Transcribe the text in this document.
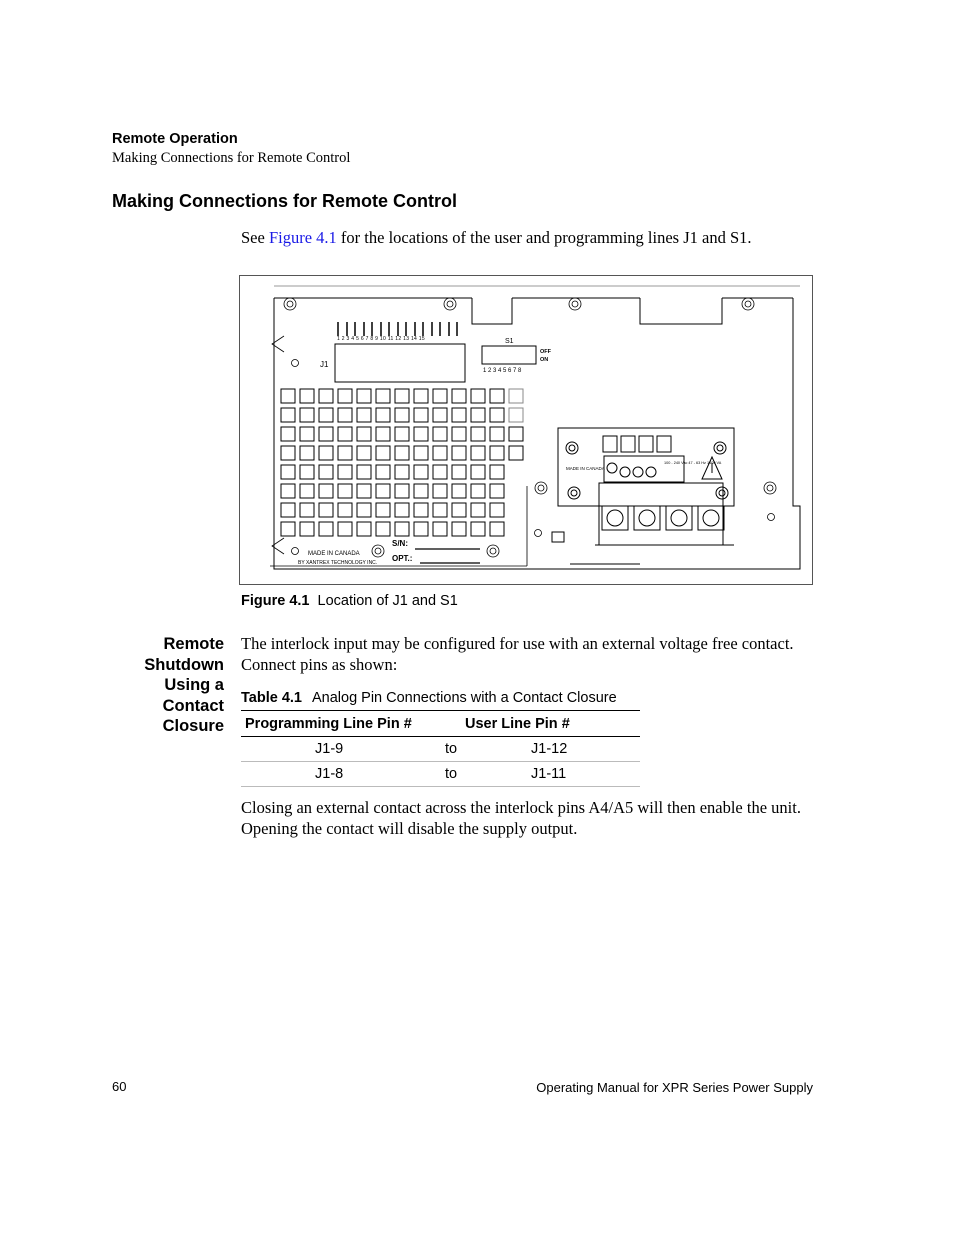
Remote Operation
Making Connections for Remote Control
Making Connections for Remote Control
See Figure 4.1 for the locations of the user and programming lines J1 and S1.
J1
1 2 3 4 5 6 7 8 9 10 11 12 13 14 15	S1
OFF
ON
1 2 3 4 5 6 7 8
MADE IN CANADA
BY XANTREX TECHNOLOGY INC.
S/N:
OPT.:
MADE IN CANADA
100 - 240 Vac 47 - 63 Hz 1400 VA
Figure 4.1 Location of J1 and S1
Remote
Shutdown
Using a
Contact
Closure
The interlock input may be configured for use with an external voltage free contact. Connect pins as shown:
Table 4.1 Analog Pin Connections with a Contact Closure
Programming Line Pin #	User Line Pin #	
J1-9	to	J1-12
J1-8	to	J1-11
Closing an external contact across the interlock pins A4/A5 will then enable the unit. Opening the contact will disable the supply output.
60	Operating Manual for XPR Series Power Supply
